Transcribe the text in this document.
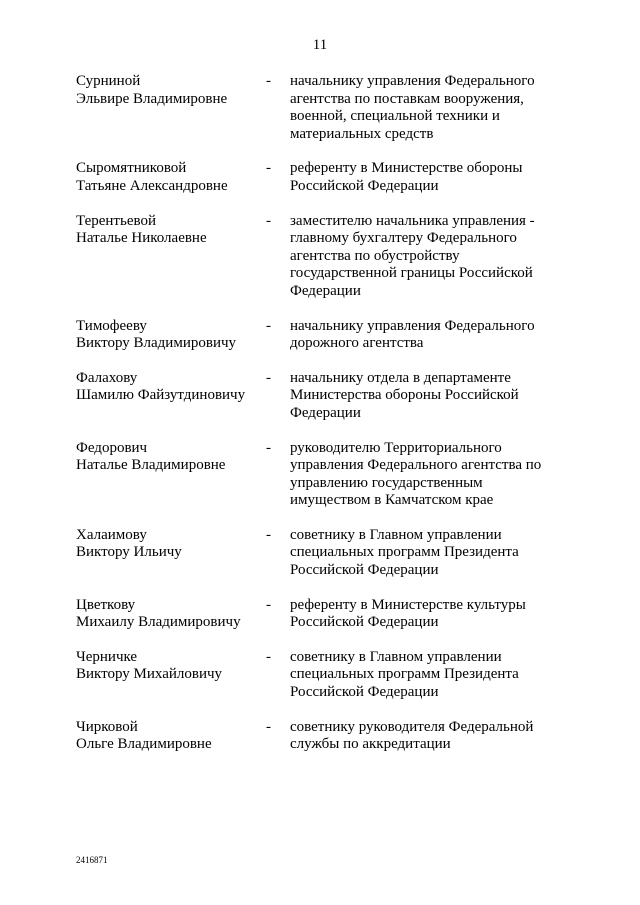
11
Сурниной
Эльвире Владимировне
-	начальнику управления Федерального
агентства по поставкам вооружения,
военной, специальной техники и
материальных средств
Сыромятниковой
Татьяне Александровне
-	референту в Министерстве обороны
Российской Федерации
Терентьевой
Наталье Николаевне
-	заместителю начальника управления -
главному бухгалтеру Федерального
агентства по обустройству
государственной границы Российской
Федерации
Тимофееву
Виктору Владимировичу
-	начальнику управления Федерального
дорожного агентства
Фалахову
Шамилю Файзутдиновичу
-	начальнику отдела в департаменте
Министерства обороны Российской
Федерации
Федорович
Наталье Владимировне
-	руководителю Территориального
управления Федерального агентства по
управлению государственным
имуществом в Камчатском крае
Халаимову
Виктору Ильичу
-	советнику в Главном управлении
специальных программ Президента
Российской Федерации
Цветкову
Михаилу Владимировичу
-	референту в Министерстве культуры
Российской Федерации
Черничке
Виктору Михайловичу
-	советнику в Главном управлении
специальных программ Президента
Российской Федерации
Чирковой
Ольге Владимировне
-	советнику руководителя Федеральной
службы по аккредитации
2416871
